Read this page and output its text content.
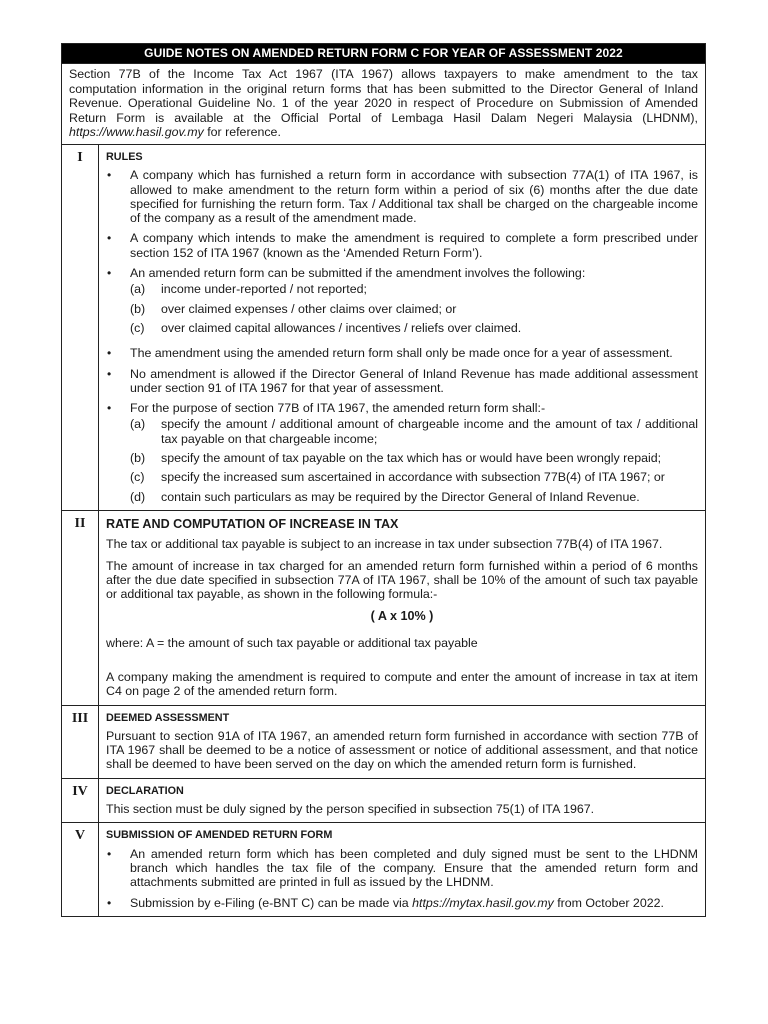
GUIDE NOTES ON AMENDED RETURN FORM C FOR YEAR OF ASSESSMENT 2022
Section 77B of the Income Tax Act 1967 (ITA 1967) allows taxpayers to make amendment to the tax
computation information in the original return forms that has been submitted to the Director General of Inland
Revenue. Operational Guideline No. 1 of the year 2020 in respect of Procedure on Submission of Amended
Return Form is available at the Official Portal of Lembaga Hasil Dalam Negeri Malaysia (LHDNM),
https://www.hasil.gov.my for reference.
I	RULES
•	A company which has furnished a return form in accordance with subsection 77A(1) of ITA 1967, is allowed to make amendment to the return form within a period of six (6) months after the due date specified for furnishing the return form. Tax / Additional tax shall be charged on the chargeable income of the company as a result of the amendment made.
•	A company which intends to make the amendment is required to complete a form prescribed under section 152 of ITA 1967 (known as the ‘Amended Return Form’).
•	An amended return form can be submitted if the amendment involves the following:
(a)	income under-reported / not reported;
(b)	over claimed expenses / other claims over claimed; or
(c)	over claimed capital allowances / incentives / reliefs over claimed.
•	The amendment using the amended return form shall only be made once for a year of assessment.
•	No amendment is allowed if the Director General of Inland Revenue has made additional assessment under section 91 of ITA 1967 for that year of assessment.
•	For the purpose of section 77B of ITA 1967, the amended return form shall:-
(a)	specify the amount / additional amount of chargeable income and the amount of tax / additional tax payable on that chargeable income;
(b)	specify the amount of tax payable on the tax which has or would have been wrongly repaid;
(c)	specify the increased sum ascertained in accordance with subsection 77B(4) of ITA 1967; or
(d)	contain such particulars as may be required by the Director General of Inland Revenue.
II	RATE AND COMPUTATION OF INCREASE IN TAX
The tax or additional tax payable is subject to an increase in tax under subsection 77B(4) of ITA 1967.
The amount of increase in tax charged for an amended return form furnished within a period of 6 months after the due date specified in subsection 77A of ITA 1967, shall be 10% of the amount of such tax payable or additional tax payable, as shown in the following formula:-
( A x 10% )
where: A = the amount of such tax payable or additional tax payable
A company making the amendment is required to compute and enter the amount of increase in tax at item C4 on page 2 of the amended return form.
III	DEEMED ASSESSMENT
Pursuant to section 91A of ITA 1967, an amended return form furnished in accordance with section 77B of ITA 1967 shall be deemed to be a notice of assessment or notice of additional assessment, and that notice shall be deemed to have been served on the day on which the amended return form is furnished.
IV	DECLARATION
This section must be duly signed by the person specified in subsection 75(1) of ITA 1967.
V	SUBMISSION OF AMENDED RETURN FORM
•	An amended return form which has been completed and duly signed must be sent to the LHDNM branch which handles the tax file of the company. Ensure that the amended return form and attachments submitted are printed in full as issued by the LHDNM.
•	Submission by e-Filing (e-BNT C) can be made via https://mytax.hasil.gov.my from October 2022.
